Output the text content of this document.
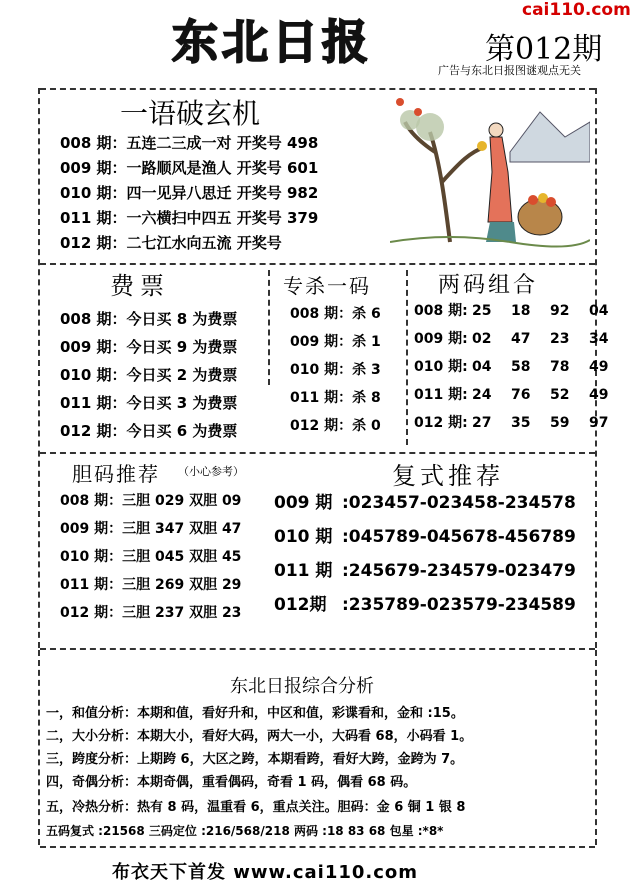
东北日报
cai110.com
第012期
广告与东北日报图谜观点无关
一语破玄机
008 期：五连二三成一对 开奖号 498
009 期：一路顺风是渔人 开奖号 601
010 期：四一见异八思迁 开奖号 982
011 期：一六横扫中四五 开奖号 379
012 期：二七江水向五流 开奖号
费票
008 期：今日买 8 为费票
009 期：今日买 9 为费票
010 期：今日买 2 为费票
011 期：今日买 3 为费票
012 期：今日买 6 为费票
专杀一码
008 期：杀 6
009 期：杀 1
010 期：杀 3
011 期：杀 8
012 期：杀 0
两码组合
008 期: 25 18 92 04
009 期: 02 47 23 34
010 期: 04 58 78 49
011 期: 24 76 52 49
012 期: 27 35 59 97
胆码推荐 （小心参考）
008 期：三胆 029 双胆 09
009 期：三胆 347 双胆 47
010 期：三胆 045 双胆 45
011 期：三胆 269 双胆 29
012 期：三胆 237 双胆 23
复式推荐
009 期 :023457-023458-234578
010 期 :045789-045678-456789
011 期 :245679-234579-023479
012期 :235789-023579-234589
东北日报综合分析
一，和值分析：本期和值，看好升和，中区和值，彩谍看和，金和 :15。
二，大小分析：本期大小，看好大码，两大一小，大码看 68，小码看 1。
三，跨度分析：上期跨 6，大区之跨，本期看跨，看好大跨，金跨为 7。
四，奇偶分析：本期奇偶，重看偶码，奇看 1 码，偶看 68 码。
五，冷热分析：热有 8 码，温重看 6，重点关注。胆码：金 6 铜 1 银 8
五码复式 :21568 三码定位 :216/568/218 两码 :18 83 68 包星 :*8*
布衣天下首发 www.cai110.com
